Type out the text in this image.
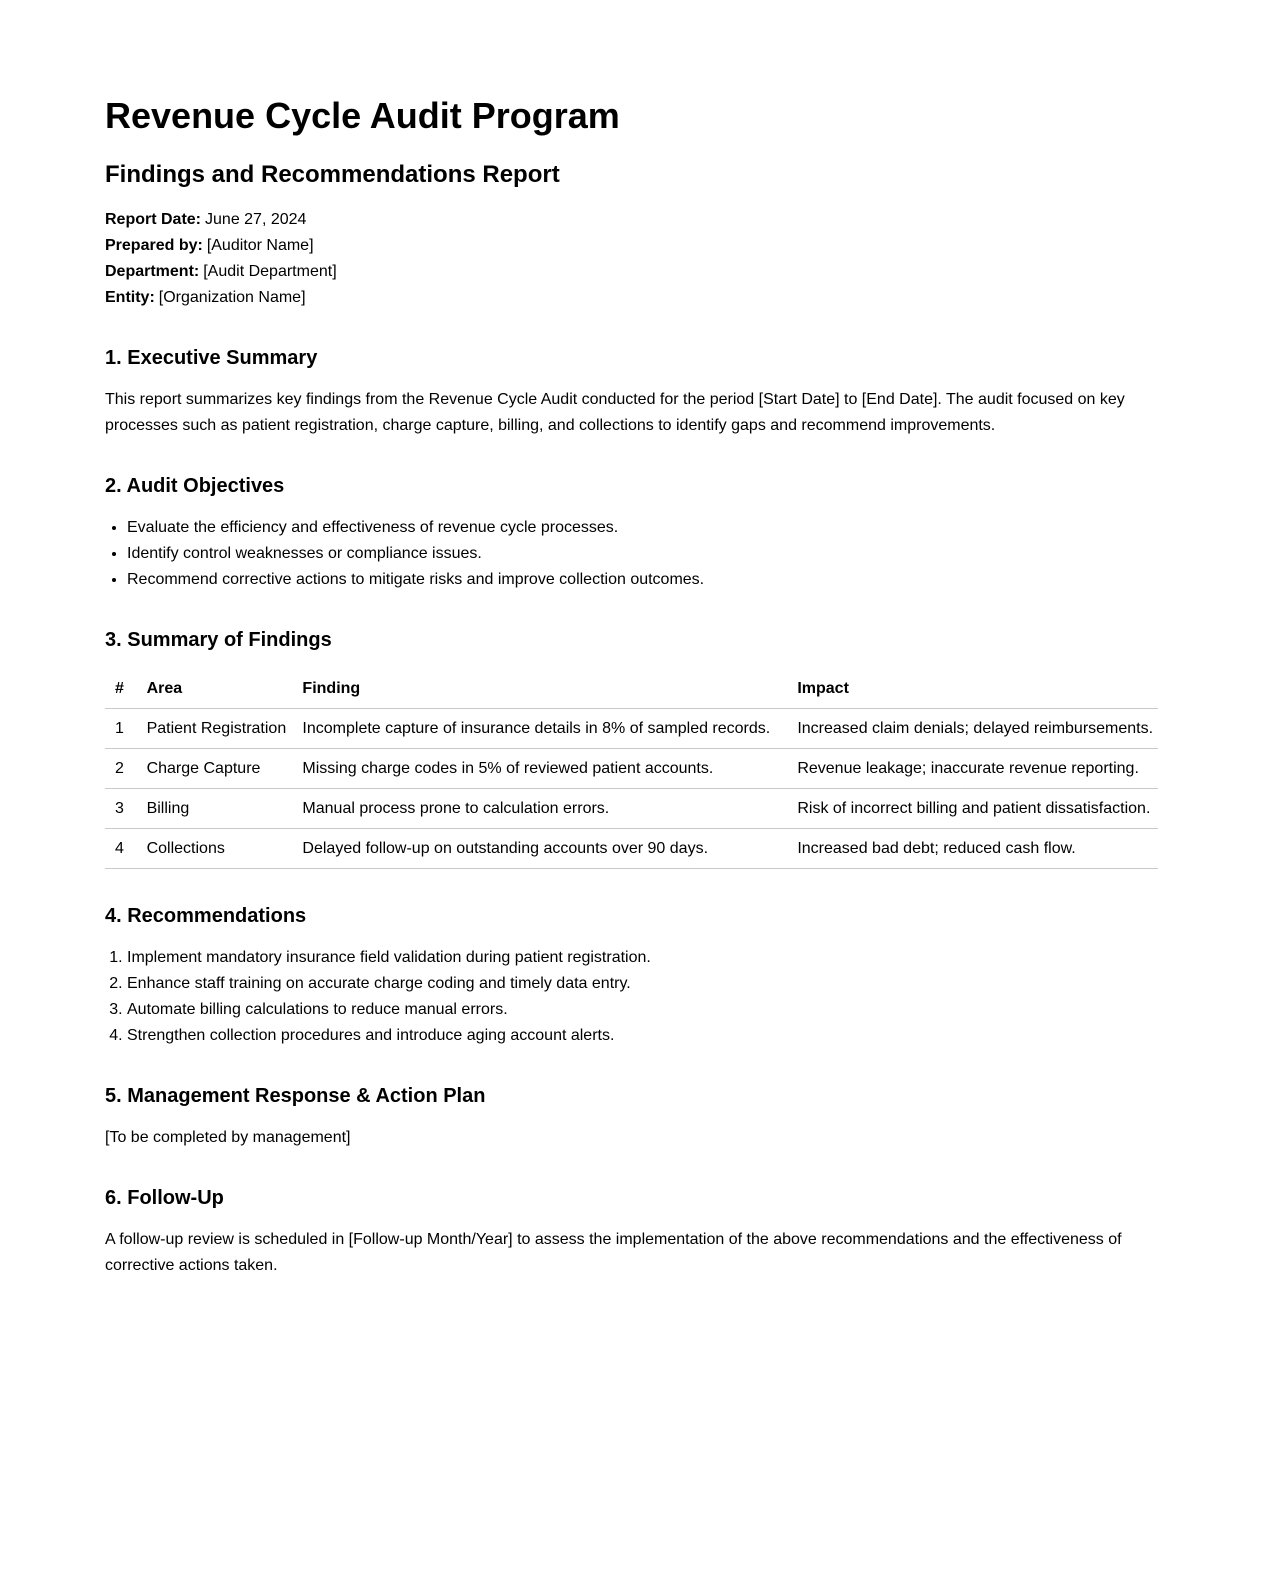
Revenue Cycle Audit Program
Findings and Recommendations Report

Report Date: June 27, 2024

Prepared by: [Auditor Name]

Department: [Audit Department]

Entity: [Organization Name]

1. Executive Summary

This report summarizes key findings from the Revenue Cycle Audit conducted for the period [Start Date] to [End Date]. The audit focused on key processes such as patient registration, charge capture, billing, and collections to identify gaps and recommend improvements.

2. Audit Objectives
• Evaluate the efficiency and effectiveness of revenue cycle processes.
• Identify control weaknesses or compliance issues.
• Recommend corrective actions to mitigate risks and improve collection outcomes.
3. Summary of Findings
#	Area	Finding	Impact
1	Patient Registration	Incomplete capture of insurance details in 8% of sampled records.	Increased claim denials; delayed reimbursements.
2	Charge Capture	Missing charge codes in 5% of reviewed patient accounts.	Revenue leakage; inaccurate revenue reporting.
3	Billing	Manual process prone to calculation errors.	Risk of incorrect billing and patient dissatisfaction.
4	Collections	Delayed follow-up on outstanding accounts over 90 days.	Increased bad debt; reduced cash flow.
4. Recommendations
1. Implement mandatory insurance field validation during patient registration.
2. Enhance staff training on accurate charge coding and timely data entry.
3. Automate billing calculations to reduce manual errors.
4. Strengthen collection procedures and introduce aging account alerts.
5. Management Response & Action Plan

[To be completed by management]

6. Follow-Up

A follow-up review is scheduled in [Follow-up Month/Year] to assess the implementation of the above recommendations and the effectiveness of corrective actions taken.
